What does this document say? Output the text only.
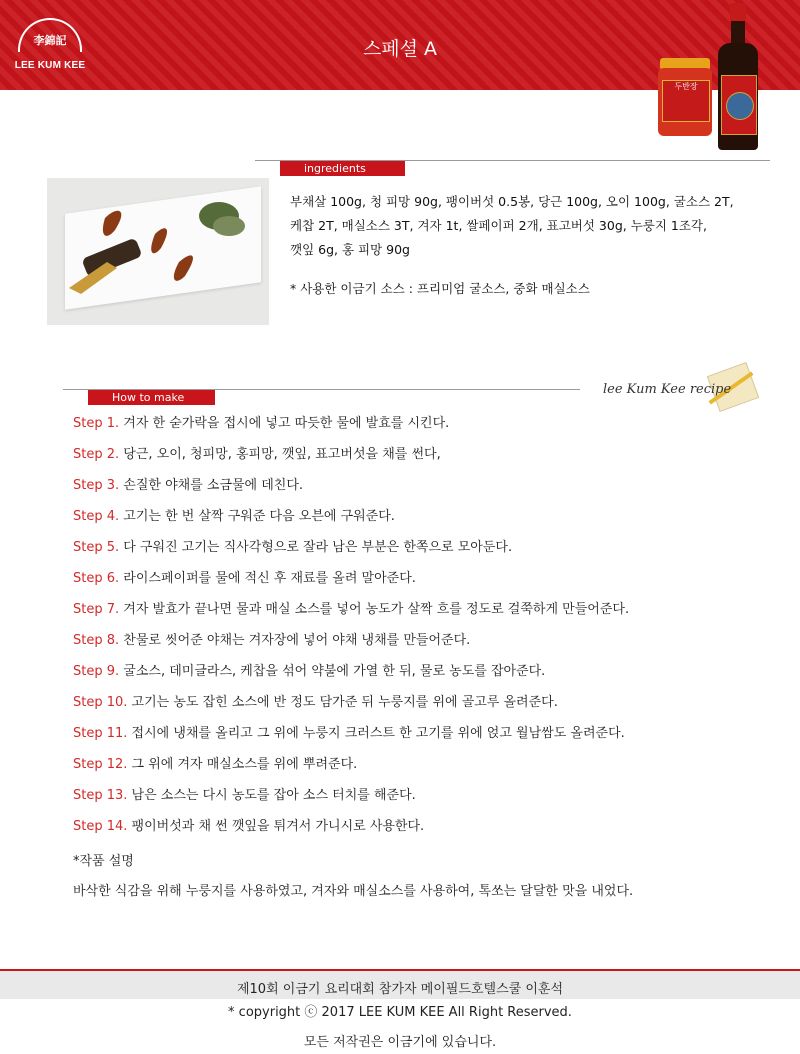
李錦記
LEE KUM KEE
스페셜 A
두반장
ingredients
부채살 100g, 청 피망 90g, 팽이버섯 0.5봉, 당근 100g, 오이 100g, 굴소스 2T,
케찹 2T, 매실소스 3T, 겨자 1t, 쌀페이퍼 2개, 표고버섯 30g, 누룽지 1조각,
깻잎 6g, 홍 피망 90g
* 사용한 이금기 소스 : 프리미엄 굴소스, 중화 매실소스
How to make
lee Kum Kee recipe
Step 1. 겨자 한 숟가락을 접시에 넣고 따듯한 물에 발효를 시킨다.
Step 2. 당근, 오이, 청피망, 홍피망, 깻잎, 표고버섯을 채를 썬다,
Step 3. 손질한 야채를 소금물에 데친다.
Step 4. 고기는 한 번 살짝 구워준 다음 오븐에 구워준다.
Step 5. 다 구워진 고기는 직사각형으로 잘라 남은 부분은 한쪽으로 모아둔다.
Step 6. 라이스페이퍼를 물에 적신 후 재료를 올려 말아준다.
Step 7. 겨자 발효가 끝나면 물과 매실 소스를 넣어 농도가 살짝 흐를 정도로 걸쭉하게 만들어준다.
Step 8. 찬물로 씻어준 야채는 겨자장에 넣어 야채 냉채를 만들어준다.
Step 9. 굴소스, 데미글라스, 케찹을 섞어 약불에 가열 한 뒤, 물로 농도를 잡아준다.
Step 10. 고기는 농도 잡힌 소스에 반 정도 담가준 뒤 누룽지를 위에 골고루 올려준다.
Step 11. 접시에 냉채를 올리고 그 위에 누룽지 크러스트 한 고기를 위에 얹고 월남쌈도 올려준다.
Step 12. 그 위에 겨자 매실소스를 위에 뿌려준다.
Step 13. 남은 소스는 다시 농도를 잡아 소스 터치를 해준다.
Step 14. 팽이버섯과 채 썬 깻잎을 튀겨서 가니시로 사용한다.
*작품 설명
바삭한 식감을 위해 누룽지를 사용하였고, 겨자와 매실소스를 사용하여, 톡쏘는 달달한 맛을 내었다.
제10회 이금기 요리대회 참가자 메이필드호텔스쿨 이훈석
* copyright ⓒ 2017 LEE KUM KEE All Right Reserved.
모든 저작권은 이금기에 있습니다.
